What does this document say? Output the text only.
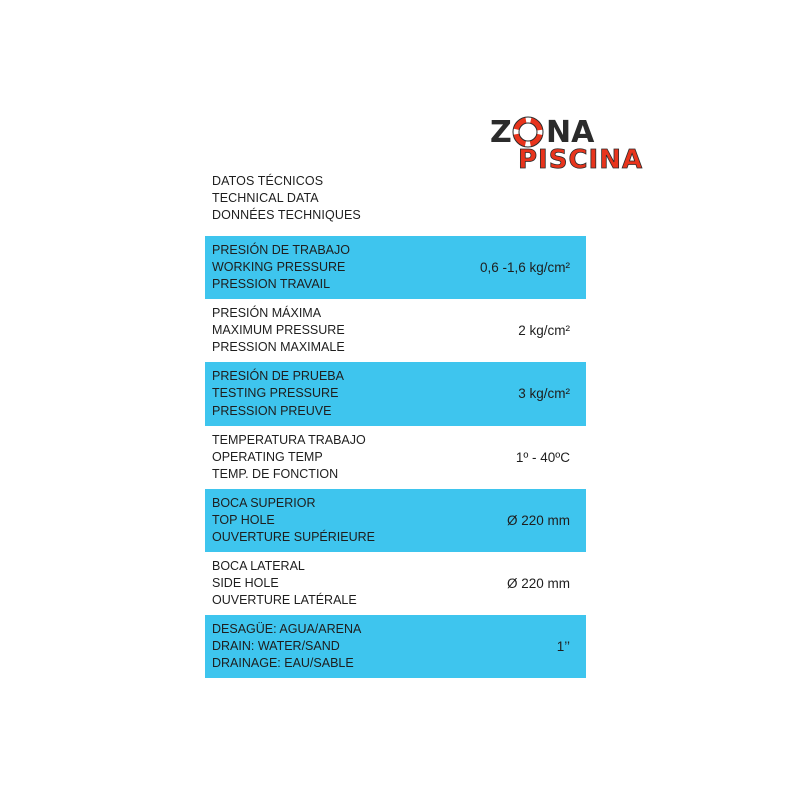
Z NA
PISCINA
DATOS TÉCNICOS
TECHNICAL DATA
DONNÉES TECHNIQUES
PRESIÓN DE TRABAJO
WORKING PRESSURE
PRESSION TRAVAIL
0,6 -1,6 kg/cm²
PRESIÓN MÁXIMA
MAXIMUM PRESSURE
PRESSION MAXIMALE
2 kg/cm²
PRESIÓN DE PRUEBA
TESTING PRESSURE
PRESSION PREUVE
3 kg/cm²
TEMPERATURA TRABAJO
OPERATING TEMP
TEMP. DE FONCTION
1º - 40ºC
BOCA SUPERIOR
TOP HOLE
OUVERTURE SUPÉRIEURE
Ø 220 mm
BOCA LATERAL
SIDE HOLE
OUVERTURE LATÉRALE
Ø 220 mm
DESAGÜE: AGUA/ARENA
DRAIN: WATER/SAND
DRAINAGE: EAU/SABLE
1’’
